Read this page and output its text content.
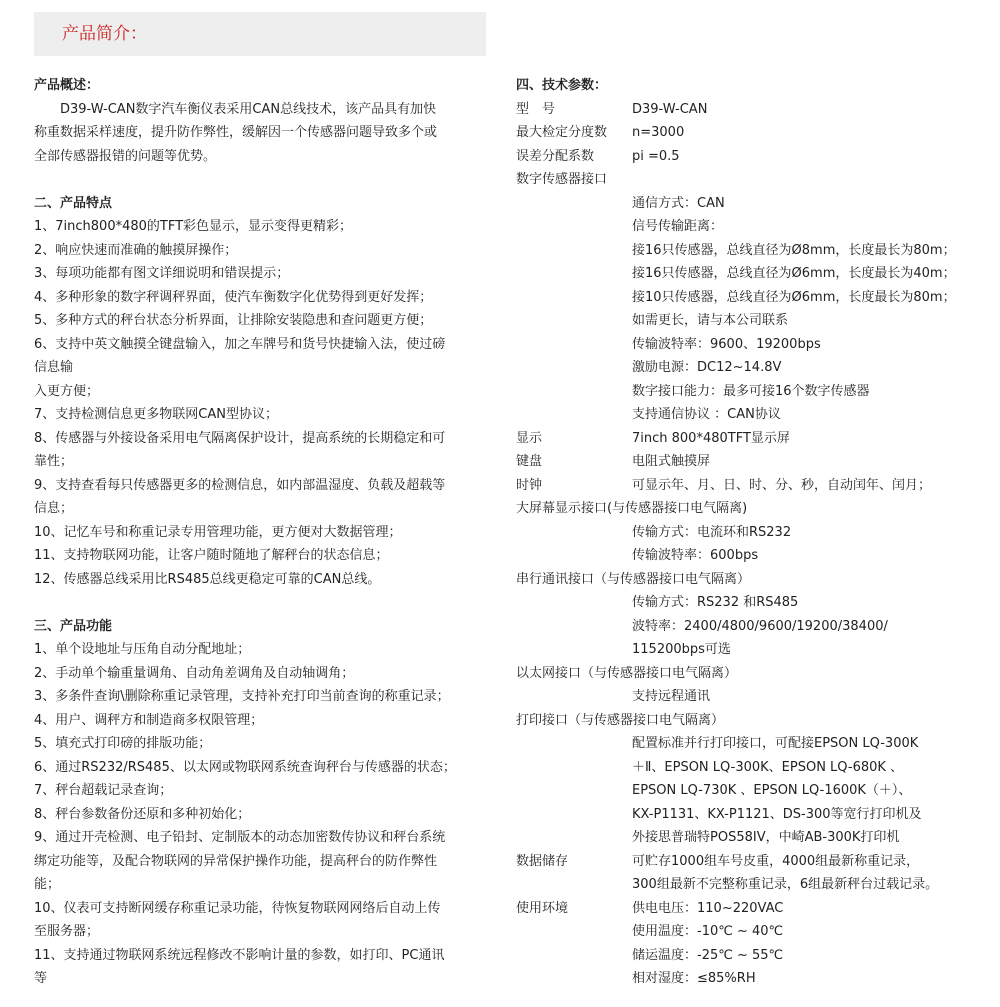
产品简介：
产品概述：
D39-W-CAN数字汽车衡仪表采用CAN总线技术，该产品具有加快
称重数据采样速度，提升防作弊性，缓解因一个传感器问题导致多个或
全部传感器报错的问题等优势。
二、产品特点
1、7inch800*480的TFT彩色显示，显示变得更精彩；
2、响应快速而准确的触摸屏操作；
3、每项功能都有图文详细说明和错误提示；
4、多种形象的数字秤调秤界面，使汽车衡数字化优势得到更好发挥；
5、多种方式的秤台状态分析界面，让排除安装隐患和查问题更方便；
6、支持中英文触摸全键盘输入，加之车牌号和货号快捷输入法，使过磅
信息输
入更方便；
7、支持检测信息更多物联网CAN型协议；
8、传感器与外接设备采用电气隔离保护设计，提高系统的长期稳定和可
靠性；
9、支持查看每只传感器更多的检测信息，如内部温湿度、负载及超载等
信息；
10、记忆车号和称重记录专用管理功能，更方便对大数据管理；
11、支持物联网功能，让客户随时随地了解秤台的状态信息；
12、传感器总线采用比RS485总线更稳定可靠的CAN总线。
三、产品功能
1、单个设地址与压角自动分配地址；
2、手动单个输重量调角、自动角差调角及自动轴调角；
3、多条件查询\删除称重记录管理，支持补充打印当前查询的称重记录；
4、用户、调秤方和制造商多权限管理；
5、填充式打印磅的排版功能；
6、通过RS232/RS485、以太网或物联网系统查询秤台与传感器的状态；
7、秤台超载记录查询；
8、秤台参数备份还原和多种初始化；
9、通过开壳检测、电子铅封、定制版本的动态加密数传协议和秤台系统
绑定功能等，及配合物联网的异常保护操作功能，提高秤台的防作弊性
能；
10、仪表可支持断网缓存称重记录功能，待恢复物联网网络后自动上传
至服务器；
11、支持通过物联网系统远程修改不影响计量的参数，如打印、PC通讯
等
四、技术参数：
型　号	D39-W-CAN
最大检定分度数 n=3000
误差分配系数	pi =0.5
数字传感器接口
通信方式：CAN
信号传输距离：
接16只传感器，总线直径为Ø8mm，长度最长为80m；
接16只传感器，总线直径为Ø6mm，长度最长为40m；
接10只传感器，总线直径为Ø6mm，长度最长为80m；
如需更长，请与本公司联系
传输波特率：9600、19200bps
激励电源：DC12~14.8V
数字接口能力：最多可接16个数字传感器
支持通信协议 ：CAN协议
显示	7inch 800*480TFT显示屏
键盘	电阻式触摸屏
时钟	可显示年、月、日、时、分、秒，自动闰年、闰月；
大屏幕显示接口(与传感器接口电气隔离)
传输方式：电流环和RS232
传输波特率：600bps
串行通讯接口（与传感器接口电气隔离）
传输方式：RS232 和RS485
波特率：2400/4800/9600/19200/38400/
115200bps可选
以太网接口（与传感器接口电气隔离）
支持远程通讯
打印接口（与传感器接口电气隔离）
配置标准并行打印接口，可配接EPSON LQ-300K
＋Ⅱ、EPSON LQ-300K、EPSON LQ-680K 、
EPSON LQ-730K 、EPSON LQ-1600K（＋）、
KX-P1131、KX-P1121、DS-300等宽行打印机及
外接思普瑞特POS58IV，中崎AB-300K打印机
数据储存	可贮存1000组车号皮重，4000组最新称重记录，
300组最新不完整称重记录，6组最新秤台过载记录。
使用环境	供电电压：110~220VAC
使用温度：-10℃ ~ 40℃
储运温度：-25℃ ~ 55℃
相对湿度：≤85%RH
